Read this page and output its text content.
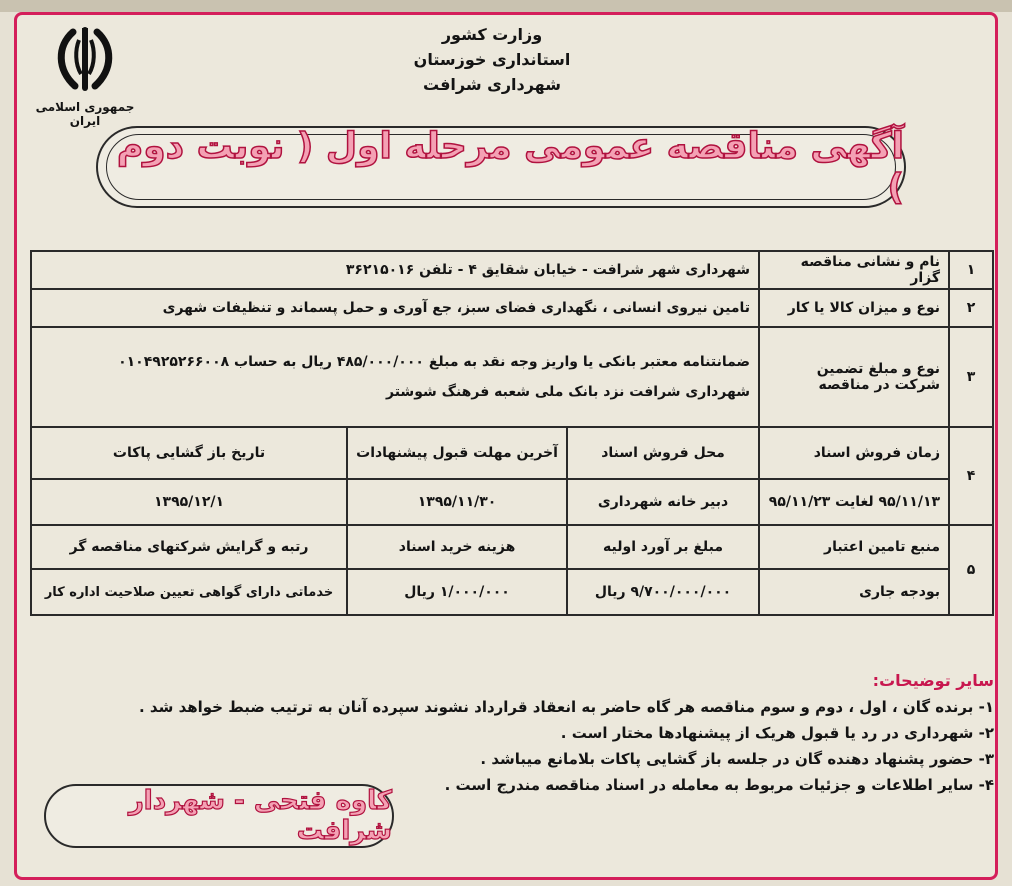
جمهوری اسلامی ایران
وزارت کشور
استانداری خوزستان
شهرداری شرافت
آگهی مناقصه عمومی مرحله اول ( نوبت دوم )
۱	نام و نشانی مناقصه گزار	شهرداری شهر شرافت - خیابان شقایق ۴ - تلفن ۳۶۲۱۵۰۱۶		
۲	نوع و میزان کالا یا کار	تامین نیروی انسانی ، نگهداری فضای سبز، جع آوری و حمل پسماند و تنظیفات شهری		
۳	نوع و مبلغ تضمین شرکت در مناقصه	ضمانتنامه معتبر بانکی یا واریز وجه نقد به مبلغ ۴۸۵/۰۰۰/۰۰۰ ریال به حساب ۰۱۰۴۹۲۵۲۶۶۰۰۸
شهرداری شرافت نزد بانک ملی شعبه فرهنگ شوشتر		

۴	زمان فروش اسناد	محل فروش اسناد	آخرین مهلت قبول پیشنهادات	تاریخ باز گشایی پاکات
	۹۵/۱۱/۱۳ لغایت ۹۵/۱۱/۲۳	دبیر خانه شهرداری	۱۳۹۵/۱۱/۳۰	۱۳۹۵/۱۲/۱
۵	منبع تامین اعتبار	مبلغ بر آورد اولیه	هزینه خرید اسناد	رتبه و گرایش شرکتهای مناقصه گر
	بودجه جاری	۹/۷۰۰/۰۰۰/۰۰۰ ریال	۱/۰۰۰/۰۰۰ ریال	خدماتی دارای گواهی تعیین صلاحیت اداره کار
سایر توضیحات:
۱- برنده گان ، اول ، دوم و سوم مناقصه هر گاه حاضر به انعقاد قرارداد نشوند سپرده آنان به ترتیب ضبط خواهد شد .
۲- شهرداری در رد یا قبول هریک از پیشنهادها مختار است .
۳- حضور پشنهاد دهنده گان در جلسه باز گشایی پاکات بلامانع میباشد .
۴- سایر اطلاعات و جزئیات مربوط به معامله در اسناد مناقصه مندرج است .
کاوه فتحی - شهردار شرافت
